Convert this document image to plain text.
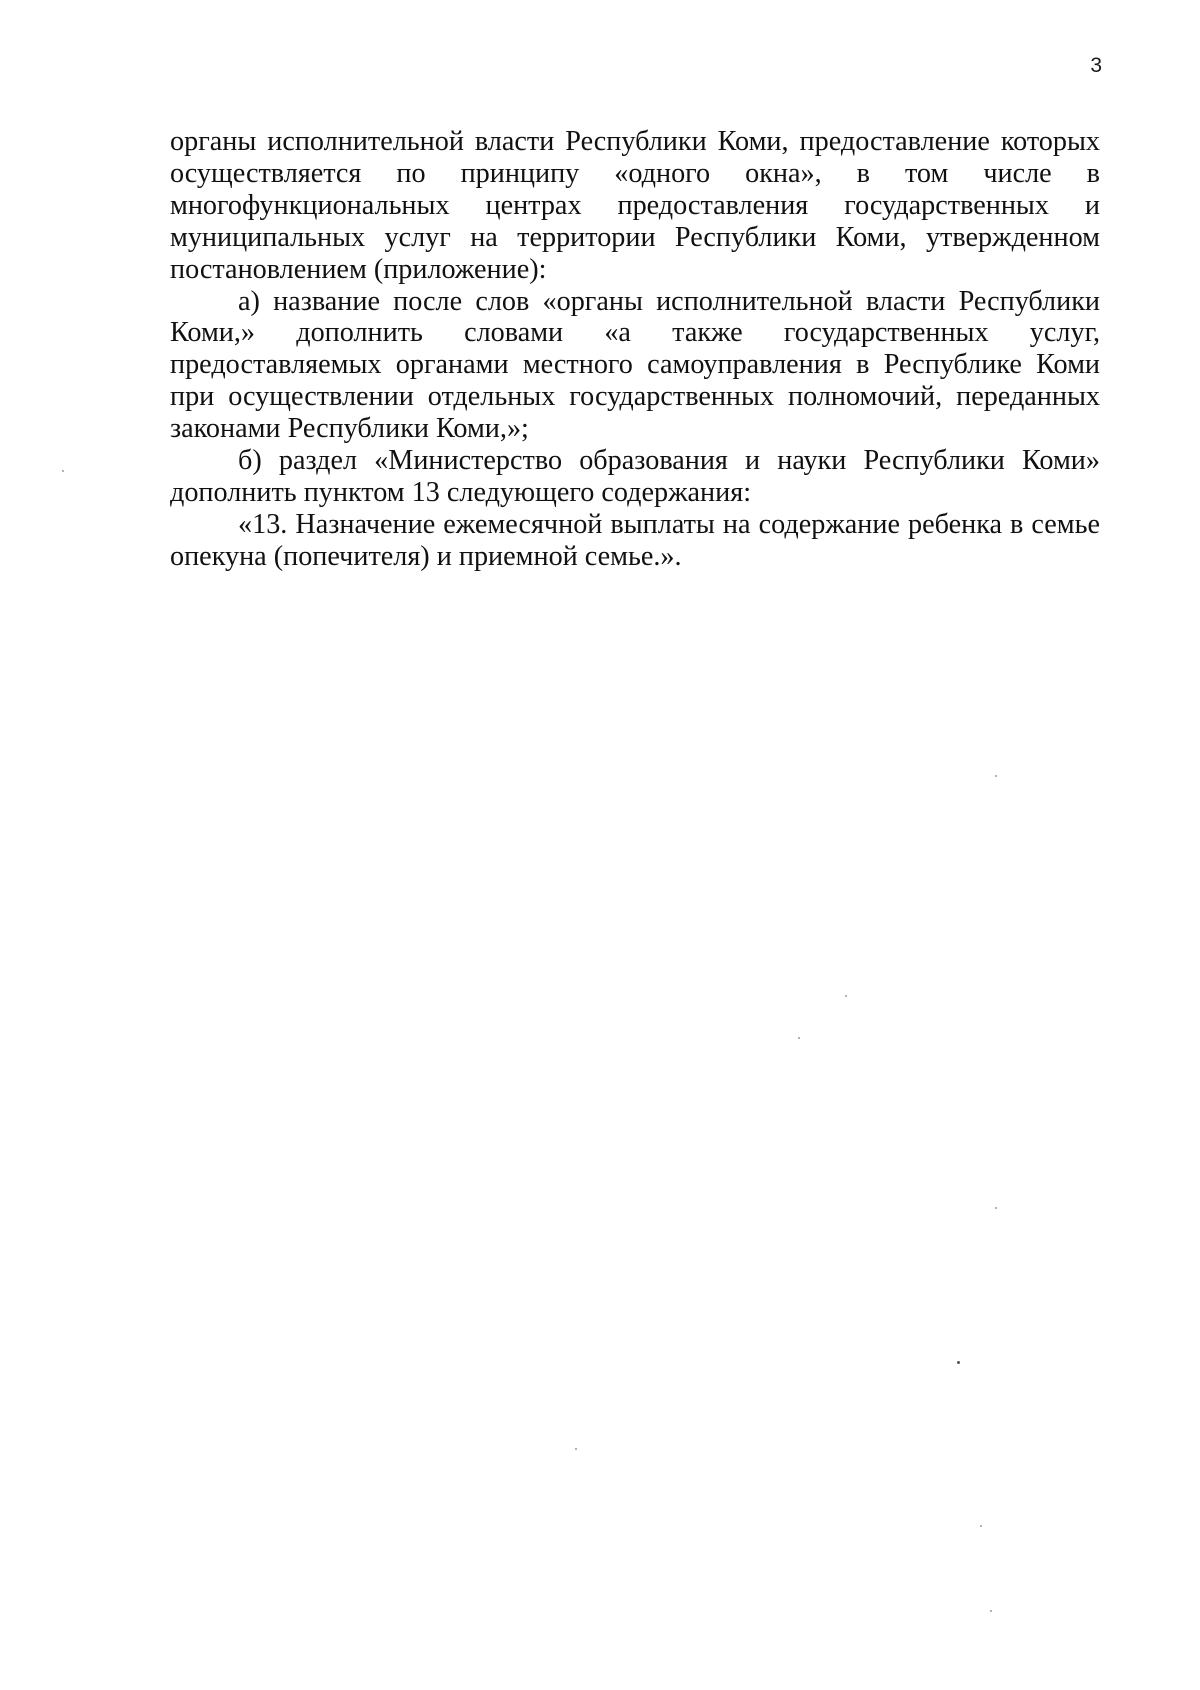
3

органы исполнительной власти Республики Коми, предоставление которых осуществляется по принципу «одного окна», в том числе в многофункциональных центрах предоставления государственных и муниципальных услуг на территории Республики Коми, утвержденном постановлением (приложение):

а) название после слов «органы исполнительной власти Республики Коми,» дополнить словами «а также государственных услуг, предоставляемых органами местного самоуправления в Республике Коми при осуществлении отдельных государственных полномочий, переданных законами Республики Коми,»;

б) раздел «Министерство образования и науки Республики Коми» дополнить пунктом 13 следующего содержания:

«13. Назначение ежемесячной выплаты на содержание ребенка в семье опекуна (попечителя) и приемной семье.».
